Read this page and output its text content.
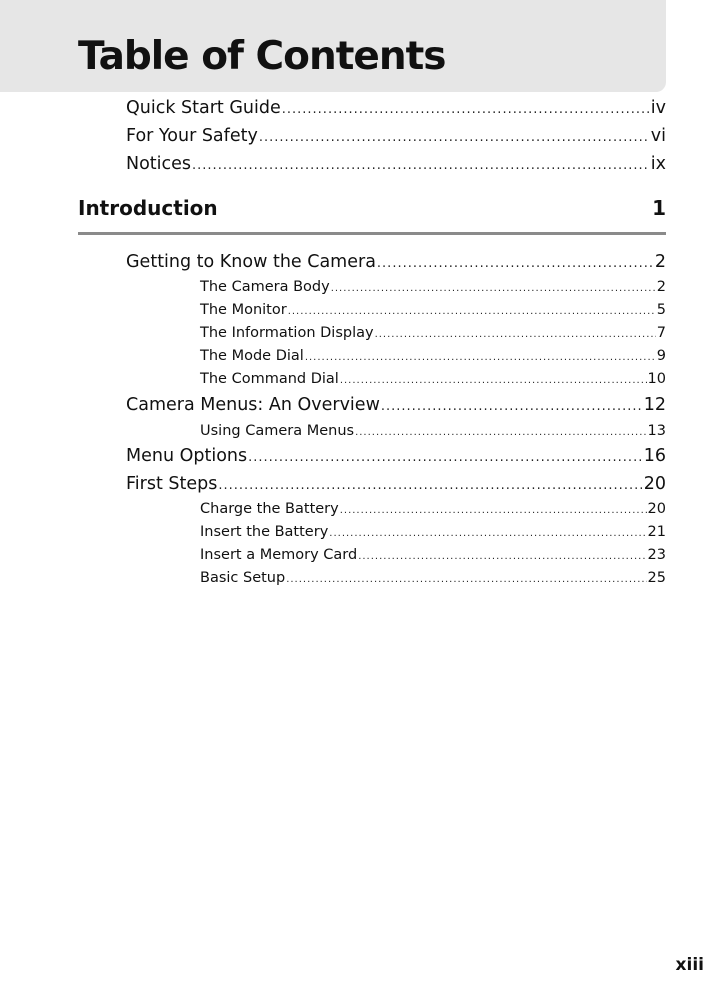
Table of Contents
Quick Start Guide .....	iv
For Your Safety .....	vi
Notices .....	ix
Introduction	1
Getting to Know the Camera .....	2
The Camera Body .....	2
The Monitor .....	5
The Information Display .....	7
The Mode Dial .....	9
The Command Dial .....	10
Camera Menus: An Overview .....	12
Using Camera Menus .....	13
Menu Options .....	16
First Steps .....	20
Charge the Battery .....	20
Insert the Battery .....	21
Insert a Memory Card .....	23
Basic Setup .....	25
xiii
